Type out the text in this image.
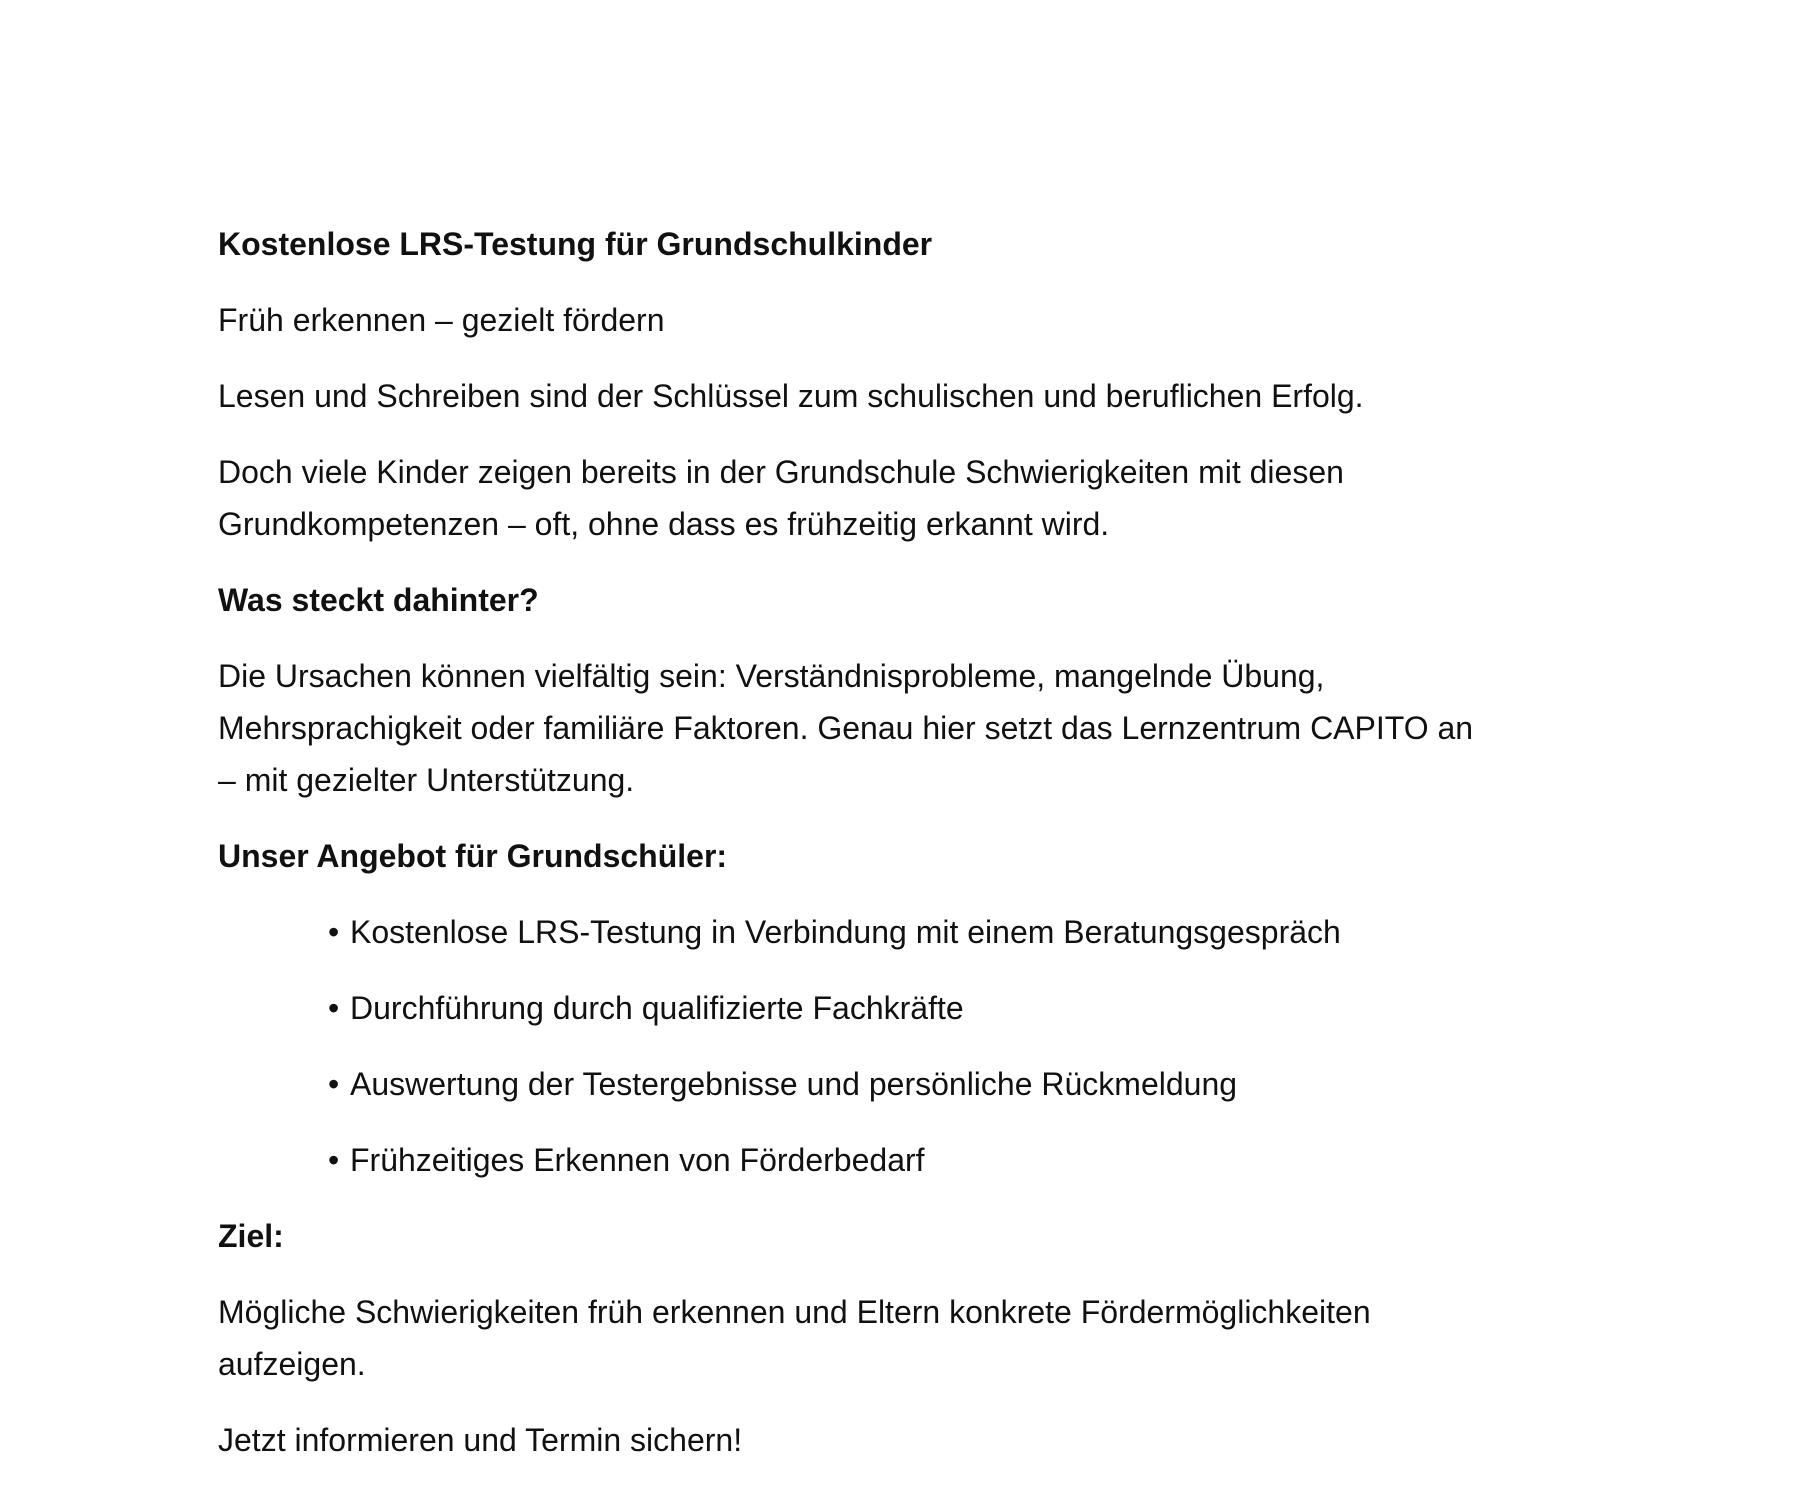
Kostenlose LRS-Testung für Grundschulkinder

Früh erkennen – gezielt fördern

Lesen und Schreiben sind der Schlüssel zum schulischen und beruflichen Erfolg.

Doch viele Kinder zeigen bereits in der Grundschule Schwierigkeiten mit diesen

Grundkompetenzen – oft, ohne dass es frühzeitig erkannt wird.

Was steckt dahinter?

Die Ursachen können vielfältig sein: Verständnisprobleme, mangelnde Übung,

Mehrsprachigkeit oder familiäre Faktoren. Genau hier setzt das Lernzentrum CAPITO an

– mit gezielter Unterstützung.

Unser Angebot für Grundschüler:

• Kostenlose LRS-Testung in Verbindung mit einem Beratungsgespräch

• Durchführung durch qualifizierte Fachkräfte

• Auswertung der Testergebnisse und persönliche Rückmeldung

• Frühzeitiges Erkennen von Förderbedarf

Ziel:

Mögliche Schwierigkeiten früh erkennen und Eltern konkrete Fördermöglichkeiten

aufzeigen.

Jetzt informieren und Termin sichern!
